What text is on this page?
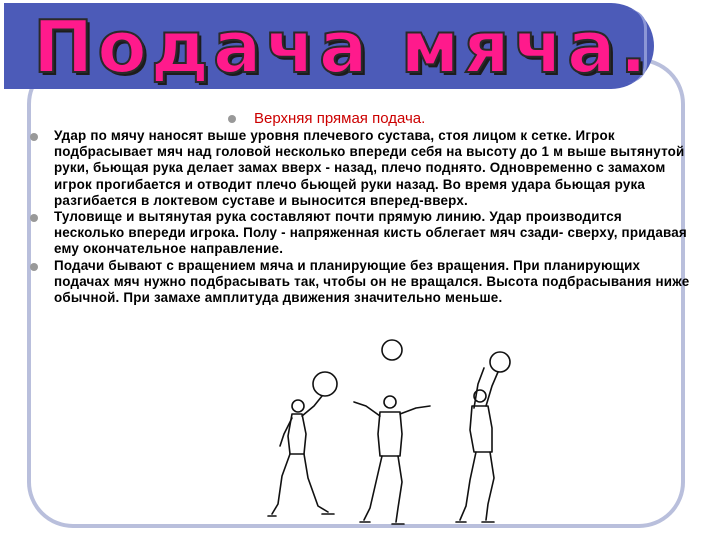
Подача мяча.
Верхняя прямая подача.
Удар по мячу наносят выше уровня плечевого сустава, стоя лицом к сетке. Игрок подбрасывает мяч над головой несколько впереди себя на высоту до 1 м выше вытянутой руки, бьющая рука делает замах вверх - назад, плечо поднято. Одновременно с замахом игрок прогибается и отводит плечо бьющей руки назад. Во время удара бьющая рука разгибается в локтевом суставе и выносится вперед-вверх.
Туловище и вытянутая рука составляют почти прямую линию. Удар производится несколько впереди игрока. Полу - напряженная кисть облегает мяч сзади- сверху, придавая ему окончательное направление.
Подачи бывают с вращением мяча и планирующие без вращения. При планирующих подачах мяч нужно подбрасывать так, чтобы он не вращался. Высота подбрасывания ниже обычной. При замахе амплитуда движения значительно меньше.
